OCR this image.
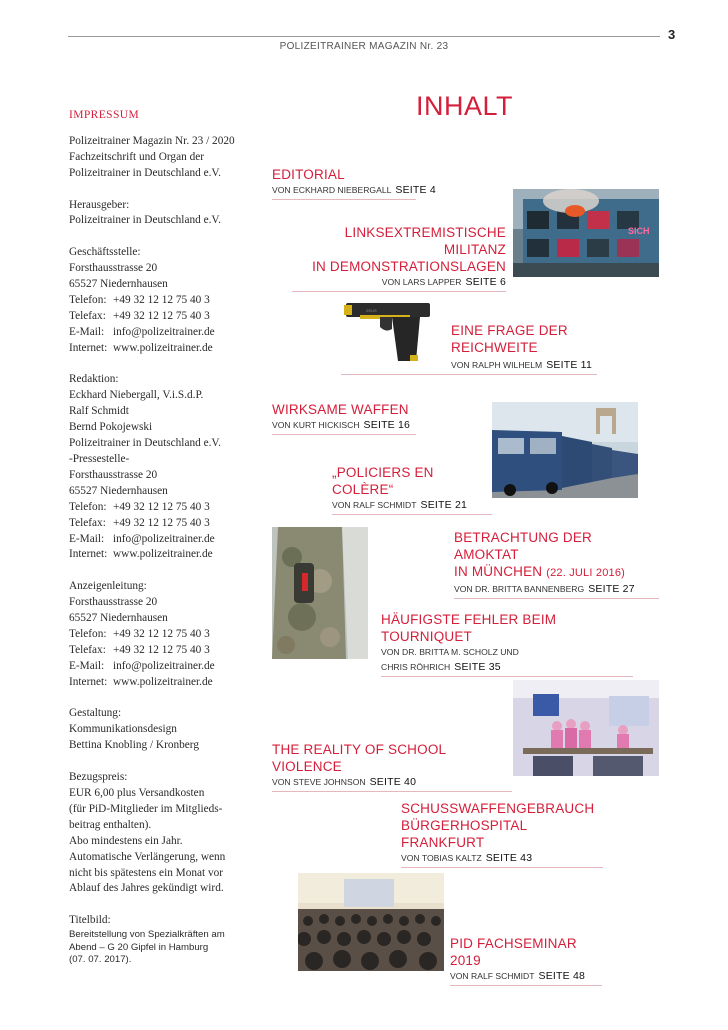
POLIZEITRAINER MAGAZIN Nr. 23
3
IMPRESSUM
Polizeitrainer Magazin Nr. 23 / 2020
Fachzeitschrift und Organ der
Polizeitrainer in Deutschland e.V.
Herausgeber:
Polizeitrainer in Deutschland e.V.
Geschäftsstelle:
Forsthausstrasse 20
65527 Niedernhausen
Telefon: +49 32 12 12 75 40 3
Telefax: +49 32 12 12 75 40 3
E-Mail: info@polizeitrainer.de
Internet: www.polizeitrainer.de
Redaktion:
Eckhard Niebergall, V.i.S.d.P.
Ralf Schmidt
Bernd Pokojewski
Polizeitrainer in Deutschland e.V.
-Pressestelle-
Forsthausstrasse 20
65527 Niedernhausen
Telefon: +49 32 12 12 75 40 3
Telefax: +49 32 12 12 75 40 3
E-Mail: info@polizeitrainer.de
Internet: www.polizeitrainer.de
Anzeigenleitung:
Forsthausstrasse 20
65527 Niedernhausen
Telefon: +49 32 12 12 75 40 3
Telefax: +49 32 12 12 75 40 3
E-Mail: info@polizeitrainer.de
Internet: www.polizeitrainer.de
Gestaltung:
Kommunikationsdesign
Bettina Knobling / Kronberg
Bezugspreis:
EUR 6,00 plus Versandkosten
(für PiD-Mitglieder im Mitglieds-
beitrag enthalten).
Abo mindestens ein Jahr.
Automatische Verlängerung, wenn
nicht bis spätestens ein Monat vor
Ablauf des Jahres gekündigt wird.
Titelbild:
Bereitstellung von Spezialkräften am
Abend – G 20 Gipfel in Hamburg
(07. 07. 2017).
INHALT
SICH
ZEUS
EDITORIAL
VON ECKHARD NIEBERGALL SEITE 4
LINKSEXTREMISTISCHE MILITANZ
IN DEMONSTRATIONSLAGEN
VON LARS LAPPER SEITE 6
EINE FRAGE DER
REICHWEITE
VON RALPH WILHELM SEITE 11
WIRKSAME WAFFEN
VON KURT HICKISCH SEITE 16
„POLICIERS EN COLÈRE“
VON RALF SCHMIDT SEITE 21
BETRACHTUNG DER AMOKTAT
IN MÜNCHEN (22. JULI 2016)
VON DR. BRITTA BANNENBERG SEITE 27
HÄUFIGSTE FEHLER BEIM TOURNIQUET
VON DR. BRITTA M. SCHOLZ UND
CHRIS RÖHRICH SEITE 35
THE REALITY OF SCHOOL VIOLENCE
VON STEVE JOHNSON SEITE 40
SCHUSSWAFFENGEBRAUCH
BÜRGERHOSPITAL FRANKFURT
VON TOBIAS KALTZ SEITE 43
PID FACHSEMINAR 2019
VON RALF SCHMIDT SEITE 48
